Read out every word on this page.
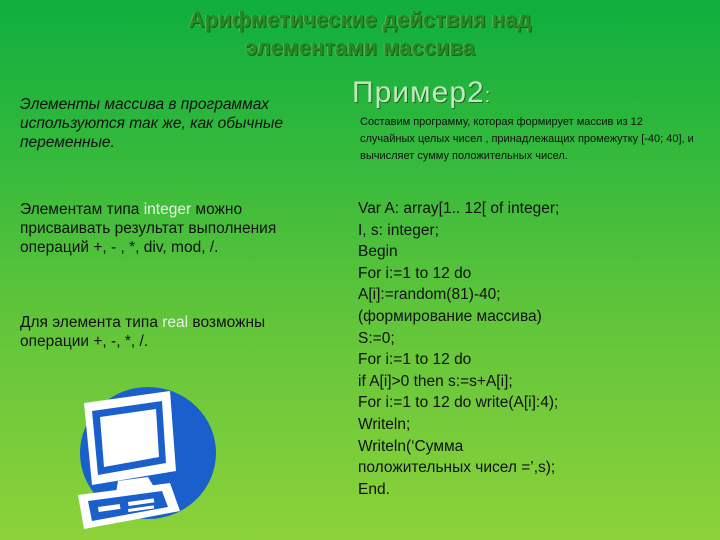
Арифметические действия над
элементами массива
Элементы массива в программах используются так же, как обычные переменные.
Элементам типа integer можно присваивать результат выполнения операций +, - , *, div, mod, /.
Для элемента типа real возможны операции +, -, *, /.
Пример2:
Составим программу, которая формирует массив из 12 случайных целых чисел , принадлежащих промежутку [-40; 40], и вычисляет сумму положительных чисел.
Var A: array[1.. 12[ of integer;
I, s: integer;
Begin
For i:=1 to 12 do
A[i]:=random(81)-40;
(формирование массива)
S:=0;
For i:=1 to 12 do
if A[i]>0 then s:=s+A[i];
For i:=1 to 12 do write(A[i]:4);
Writeln;
Writeln(‘Сумма
положительных чисел =’,s);
End.
